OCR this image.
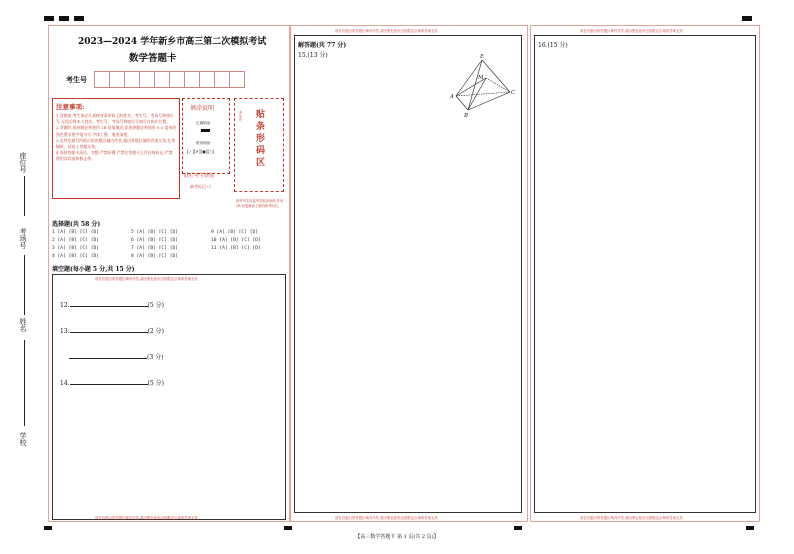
座位号
考场号
姓名
学校
2023—2024 学年新乡市高三第二次模拟考试
数学答题卡
考生号
注意事项:
1.答题前,考生务必认真核对条形码上的姓名、考生号、考场号和座位号,无误后将本人姓名、考生号、考场号和座位号填写在相应位置。
2.答题时,选择题必须使用 2B 铅笔填涂;非选择题必须使用 0.5 毫米的黑色墨水签字笔书写,字体工整、笔迹清楚。
3.必须在题号所指示的答题区域内作答,超出答题区域的答案无效;在草稿纸、试卷上答题无效。
4.保持答题卡清洁、完整,严禁折叠,严禁在答题卡上作任何标记,严禁使用涂改液和修正带。
填涂说明
正确填涂
错误填涂
[✓][✗][●][○]	贴条形码区
考生号
此栏考生禁填
缺考标记 ☐
缺考考生由监考员贴条形码,并用 2B 铅笔填涂上面的缺考标记。
选择题(共 58 分)
1 [A] [B] [C] [D]	5 [A] [B] [C] [D]	9 [A] [B] [C] [D]
2 [A] [B] [C] [D]	6 [A] [B] [C] [D]	10 [A] [B] [C] [D]
3 [A] [B] [C] [D]	7 [A] [B] [C] [D]	11 [A] [B] [C] [D]
4 [A] [B] [C] [D]	8 [A] [B] [C] [D]
填空题(每小题 5 分,共 15 分)
请在各题目的答题区域内作答,超出黑色矩形边框限定区域的答案无效
12.	(5 分)
13.	(2 分)
(3 分)
14.	(5 分)
请在各题目的答题区域内作答,超出黑色矩形边框限定区域的答案无效
解答题(共 77 分)
15.(13 分)
请在各题目的答题区域内作答,超出黑色矩形边框限定区域的答案无效
E
M
A
B
C
请在各题目的答题区域内作答,超出黑色矩形边框限定区域的答案无效
16.(15 分)
请在各题目的答题区域内作答,超出黑色矩形边框限定区域的答案无效
请在各题目的答题区域内作答,超出黑色矩形边框限定区域的答案无效
【高三数学答题卡 第 1 页(共 2 页)】
